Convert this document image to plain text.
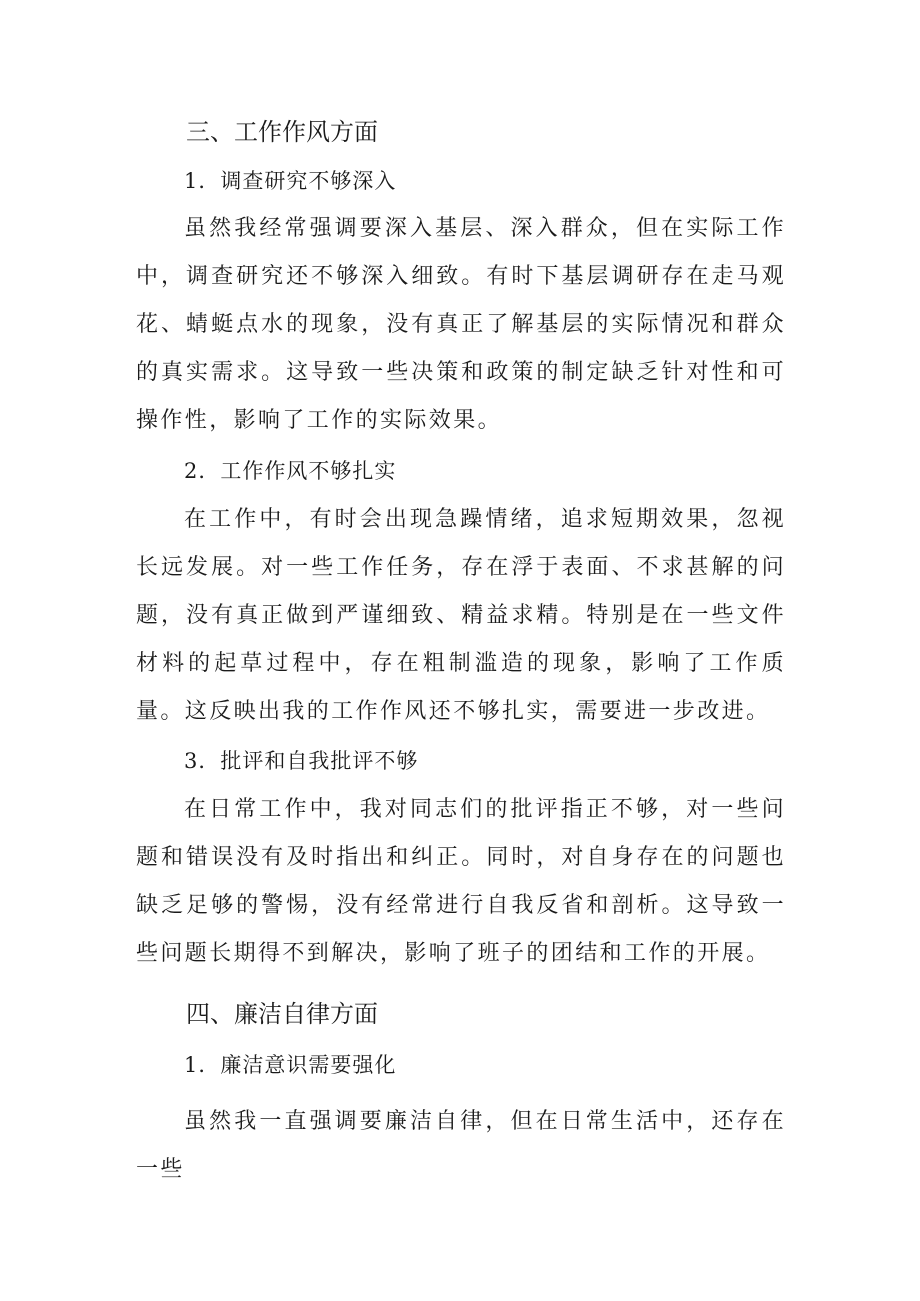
三、工作作风方面
1．调查研究不够深入

虽然我经常强调要深入基层、深入群众，但在实际工作中，调查研究还不够深入细致。有时下基层调研存在走马观花、蜻蜓点水的现象，没有真正了解基层的实际情况和群众的真实需求。这导致一些决策和政策的制定缺乏针对性和可操作性，影响了工作的实际效果。

2．工作作风不够扎实

在工作中，有时会出现急躁情绪，追求短期效果，忽视长远发展。对一些工作任务，存在浮于表面、不求甚解的问题，没有真正做到严谨细致、精益求精。特别是在一些文件材料的起草过程中，存在粗制滥造的现象，影响了工作质量。这反映出我的工作作风还不够扎实，需要进一步改进。

3．批评和自我批评不够

在日常工作中，我对同志们的批评指正不够，对一些问题和错误没有及时指出和纠正。同时，对自身存在的问题也缺乏足够的警惕，没有经常进行自我反省和剖析。这导致一些问题长期得不到解决，影响了班子的团结和工作的开展。

四、廉洁自律方面
1．廉洁意识需要强化

虽然我一直强调要廉洁自律，但在日常生活中，还存在一些
